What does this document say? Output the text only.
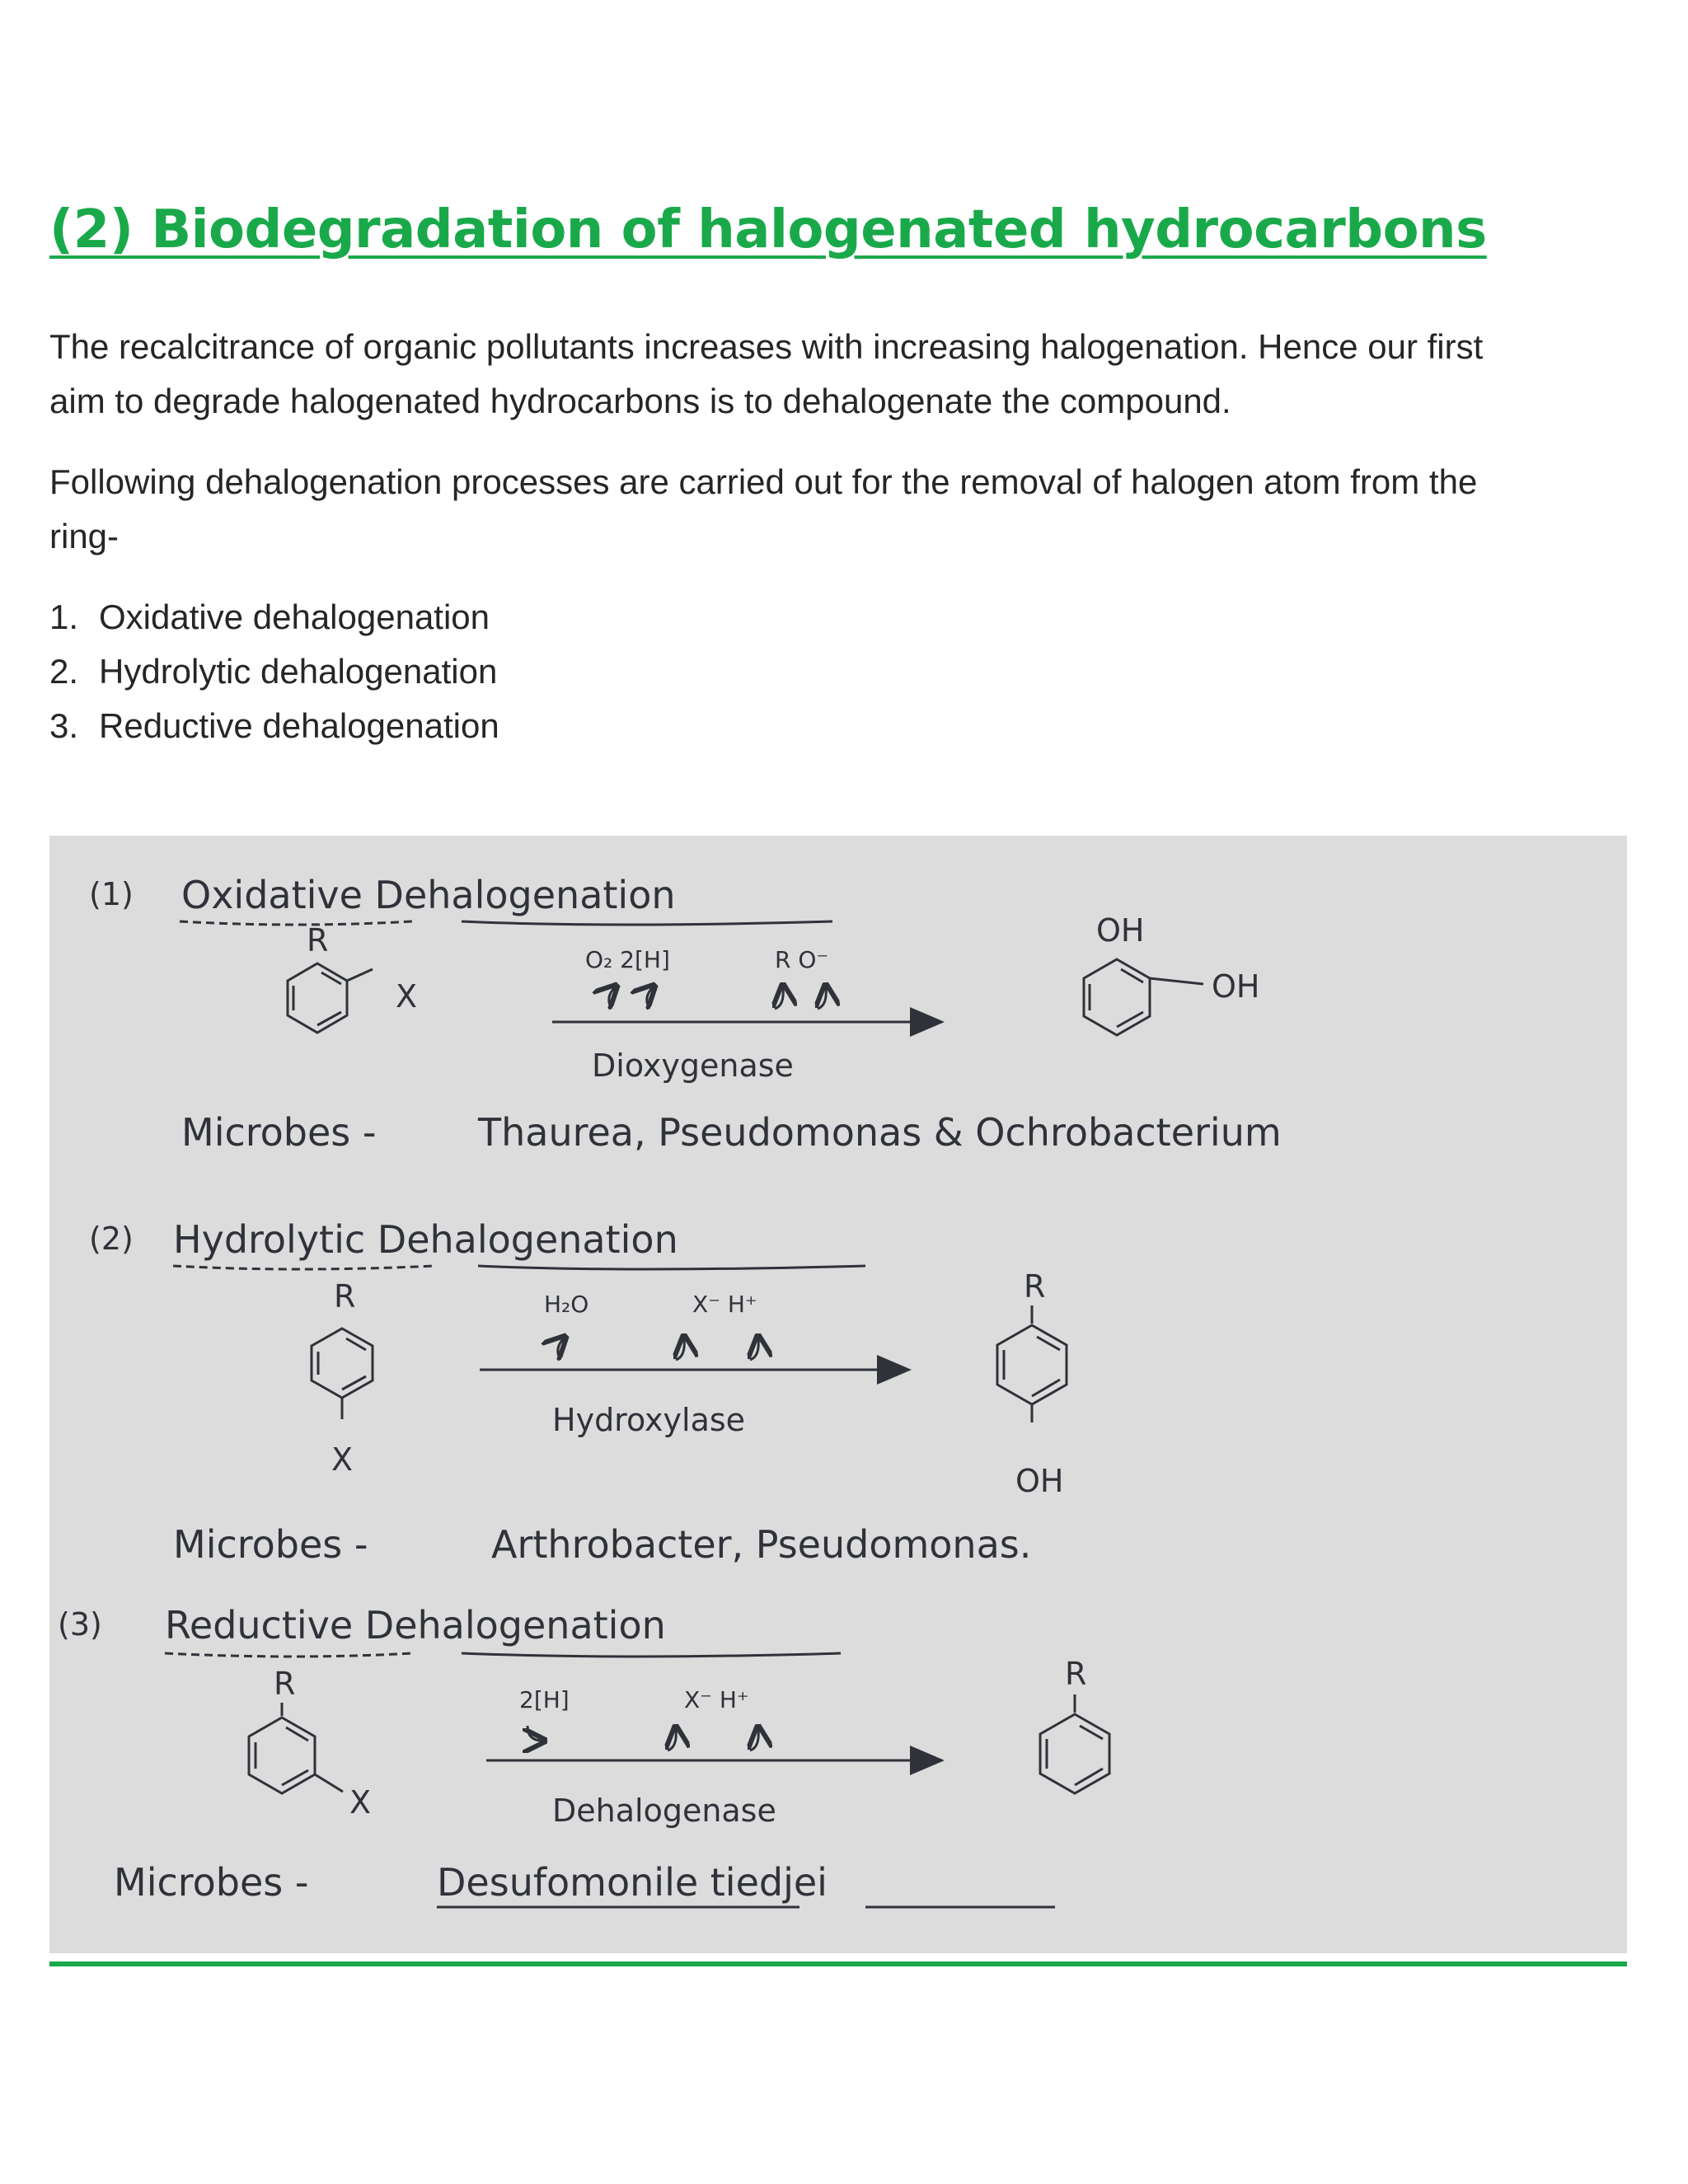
(2) Biodegradation of halogenated hydrocarbons

The recalcitrance of organic pollutants increases with increasing halogenation. Hence our first aim to degrade halogenated hydrocarbons is to dehalogenate the compound.

Following dehalogenation processes are carried out for the removal of halogen atom from the ring-

1. Oxidative dehalogenation
2. Hydrolytic dehalogenation
3. Reductive dehalogenation
(1) Oxidative Dehalogenation
R
X
O₂ 2[H]	R O⁻
Dioxygenase
OH
OH
Microbes -	Thaurea, Pseudomonas & Ochrobacterium
(2) Hydrolytic Dehalogenation
R
X
H₂O	X⁻ H⁺
Hydroxylase
R
OH
Microbes -	Arthrobacter, Pseudomonas.
(3) Reductive Dehalogenation
R
X
2[H]	X⁻ H⁺
Dehalogenase
R
Microbes -	Desufomonile tiedjei
